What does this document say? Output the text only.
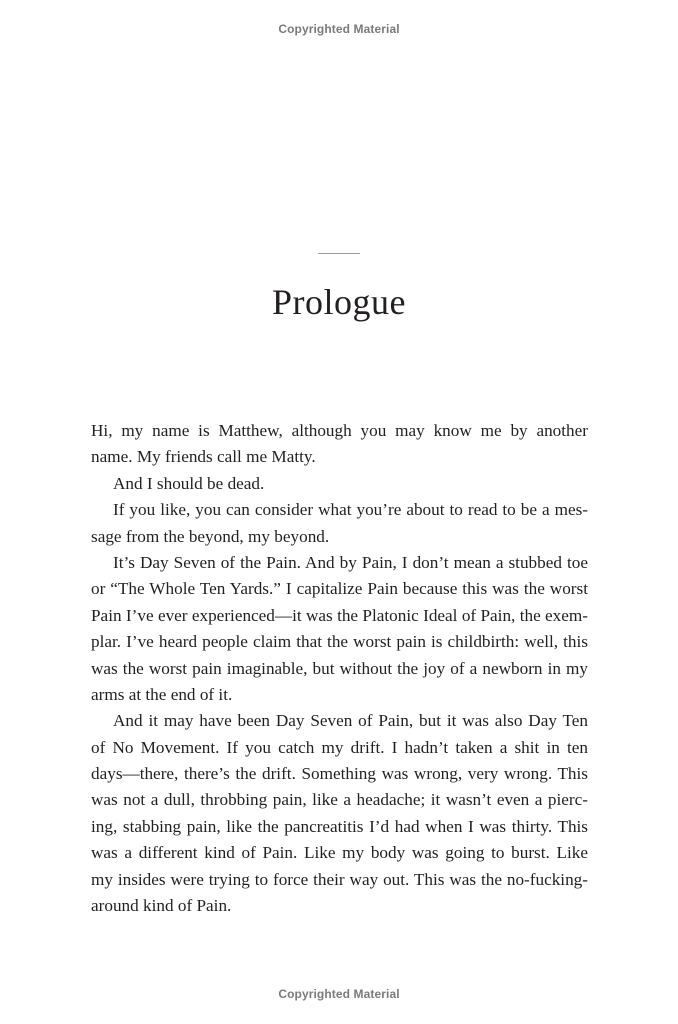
Copyrighted Material
Prologue
Hi, my name is Matthew, although you may know me by another
name. My friends call me Matty.
And I should be dead.
If you like, you can consider what you’re about to read to be a mes-
sage from the beyond, my beyond.
It’s Day Seven of the Pain. And by Pain, I don’t mean a stubbed toe
or “The Whole Ten Yards.” I capitalize Pain because this was the worst
Pain I’ve ever experienced—it was the Platonic Ideal of Pain, the exem-
plar. I’ve heard people claim that the worst pain is childbirth: well, this
was the worst pain imaginable, but without the joy of a newborn in my
arms at the end of it.
And it may have been Day Seven of Pain, but it was also Day Ten
of No Movement. If you catch my drift. I hadn’t taken a shit in ten
days—there, there’s the drift. Something was wrong, very wrong. This
was not a dull, throbbing pain, like a headache; it wasn’t even a pierc-
ing, stabbing pain, like the pancreatitis I’d had when I was thirty. This
was a different kind of Pain. Like my body was going to burst. Like
my insides were trying to force their way out. This was the no-fucking-
around kind of Pain.
Copyrighted Material
